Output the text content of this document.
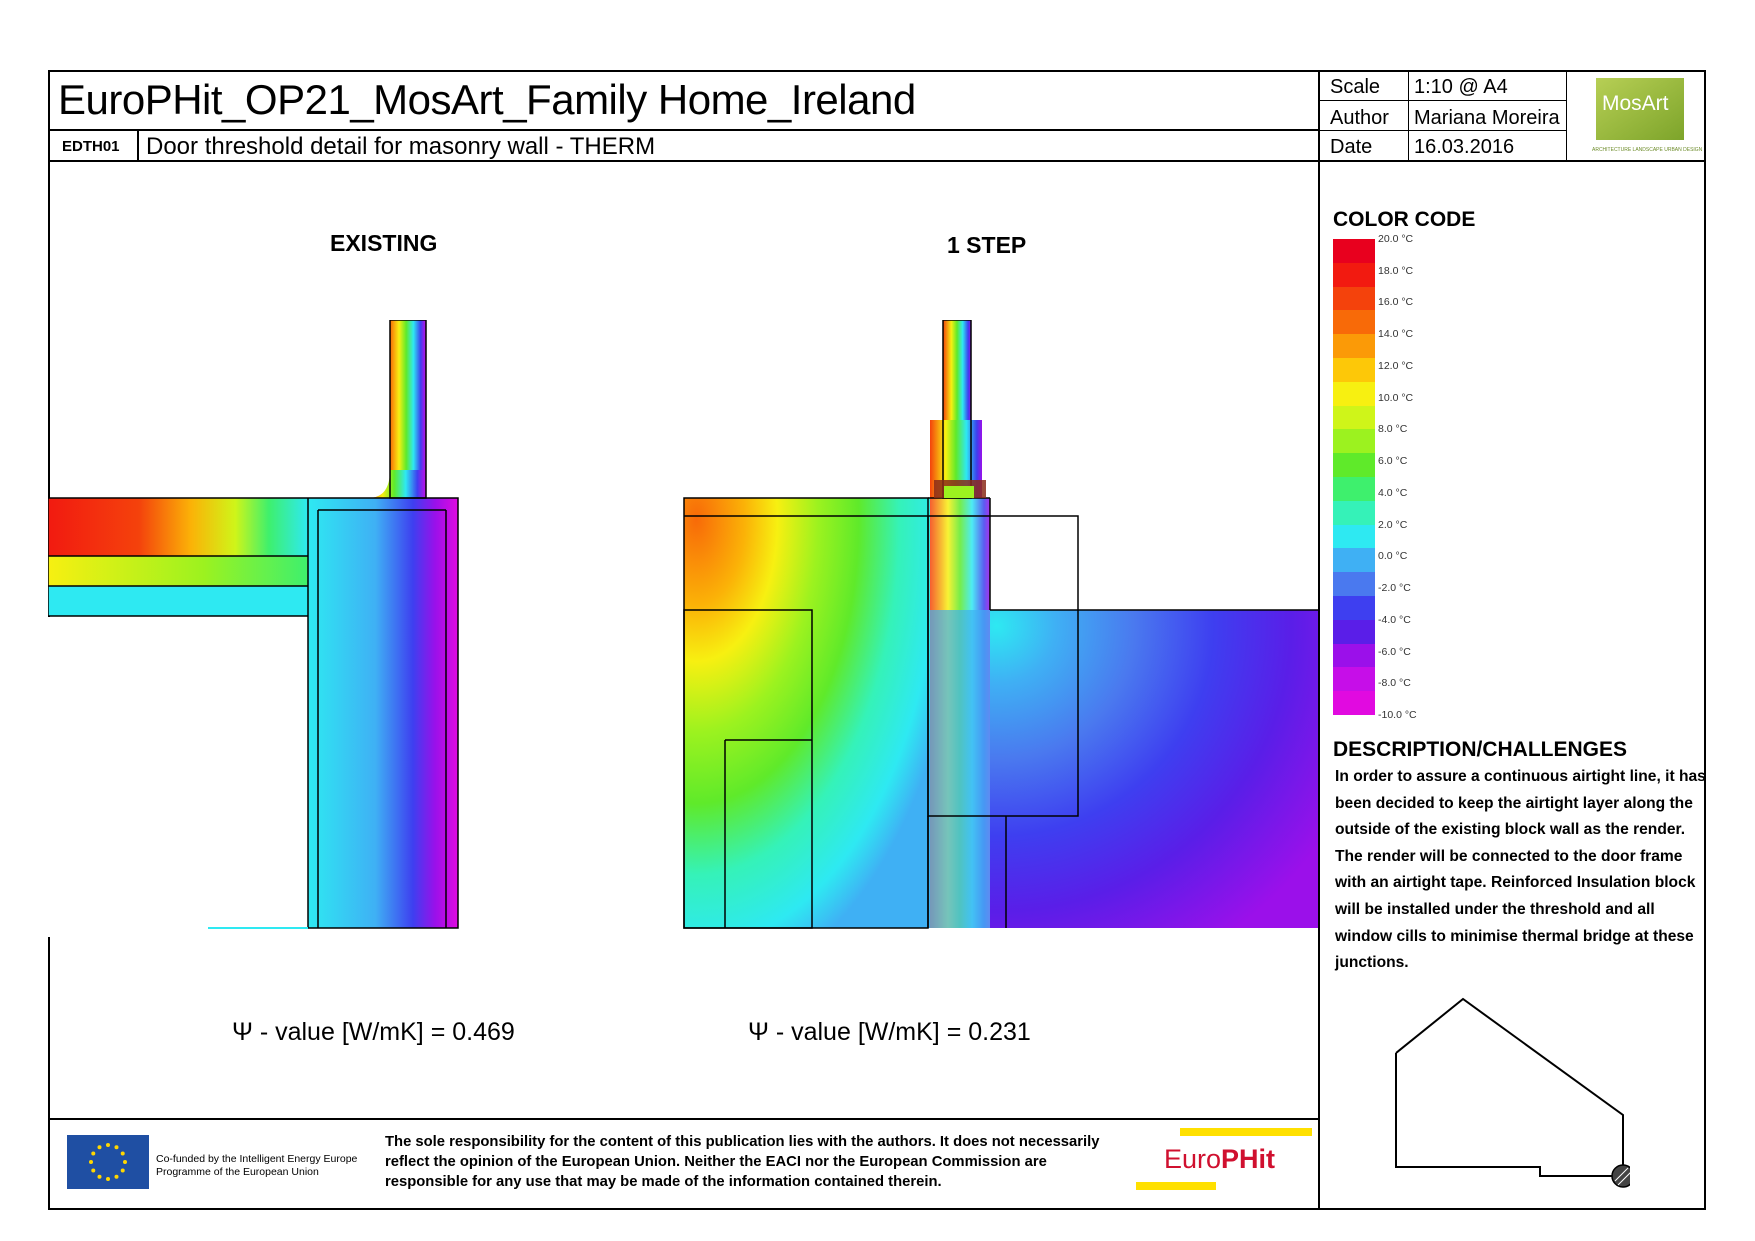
EuroPHit_OP21_MosArt_Family Home_Ireland
EDTH01 Door threshold detail for masonry wall - THERM
Scale 1:10 @ A4
Author Mariana Moreira
Date 16.03.2016
MosArt
ARCHITECTURE LANDSCAPE URBAN DESIGN
EXISTING	1 STEP
Ψ - value [W/mK] = 0.469	Ψ - value [W/mK] = 0.231
COLOR CODE
20.0 °C
18.0 °C
16.0 °C
14.0 °C
12.0 °C
10.0 °C
8.0 °C
6.0 °C
4.0 °C
2.0 °C
0.0 °C
-2.0 °C
-4.0 °C
-6.0 °C
-8.0 °C
-10.0 °C
DESCRIPTION/CHALLENGES
In order to assure a continuous airtight line, it has been decided to keep the airtight layer along the outside of the existing block wall as the render. The render will be connected to the door frame with an airtight tape. Reinforced Insulation block will be installed under the threshold and all window cills to minimise thermal bridge at these junctions.
Co-funded by the Intelligent Energy Europe Programme of the European Union
The sole responsibility for the content of this publication lies with the authors. It does not necessarily reflect the opinion of the European Union. Neither the EACI nor the European Commission are responsible for any use that may be made of the information contained therein.
EuroPHit
